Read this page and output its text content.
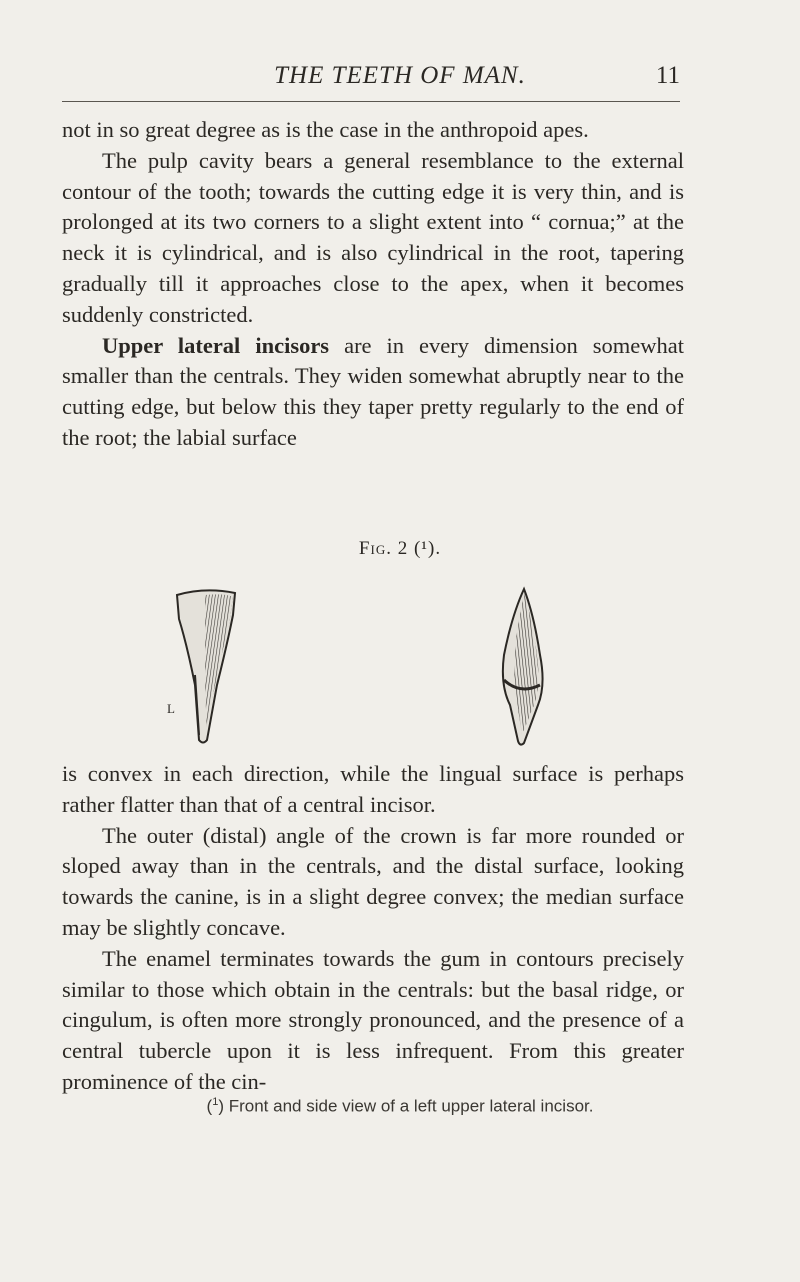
THE TEETH OF MAN.	11

not in so great degree as is the case in the anthropoid apes.

The pulp cavity bears a general resemblance to the external contour of the tooth; towards the cutting edge it is very thin, and is prolonged at its two corners to a slight extent into “ cornua;” at the neck it is cylindrical, and is also cylindrical in the root, tapering gradually till it approaches close to the apex, when it becomes suddenly constricted.

Upper lateral incisors are in every dimension somewhat smaller than the centrals. They widen somewhat abruptly near to the cutting edge, but below this they taper pretty regularly to the end of the root; the labial surface

Fig. 2 (¹).
L

is convex in each direction, while the lingual surface is perhaps rather flatter than that of a central incisor.

The outer (distal) angle of the crown is far more rounded or sloped away than in the centrals, and the distal surface, looking towards the canine, is in a slight degree convex; the median surface may be slightly concave.

The enamel terminates towards the gum in contours precisely similar to those which obtain in the centrals: but the basal ridge, or cingulum, is often more strongly pronounced, and the presence of a central tubercle upon it is less infrequent. From this greater prominence of the cin-

($^1$) Front and side view of a left upper lateral incisor.
